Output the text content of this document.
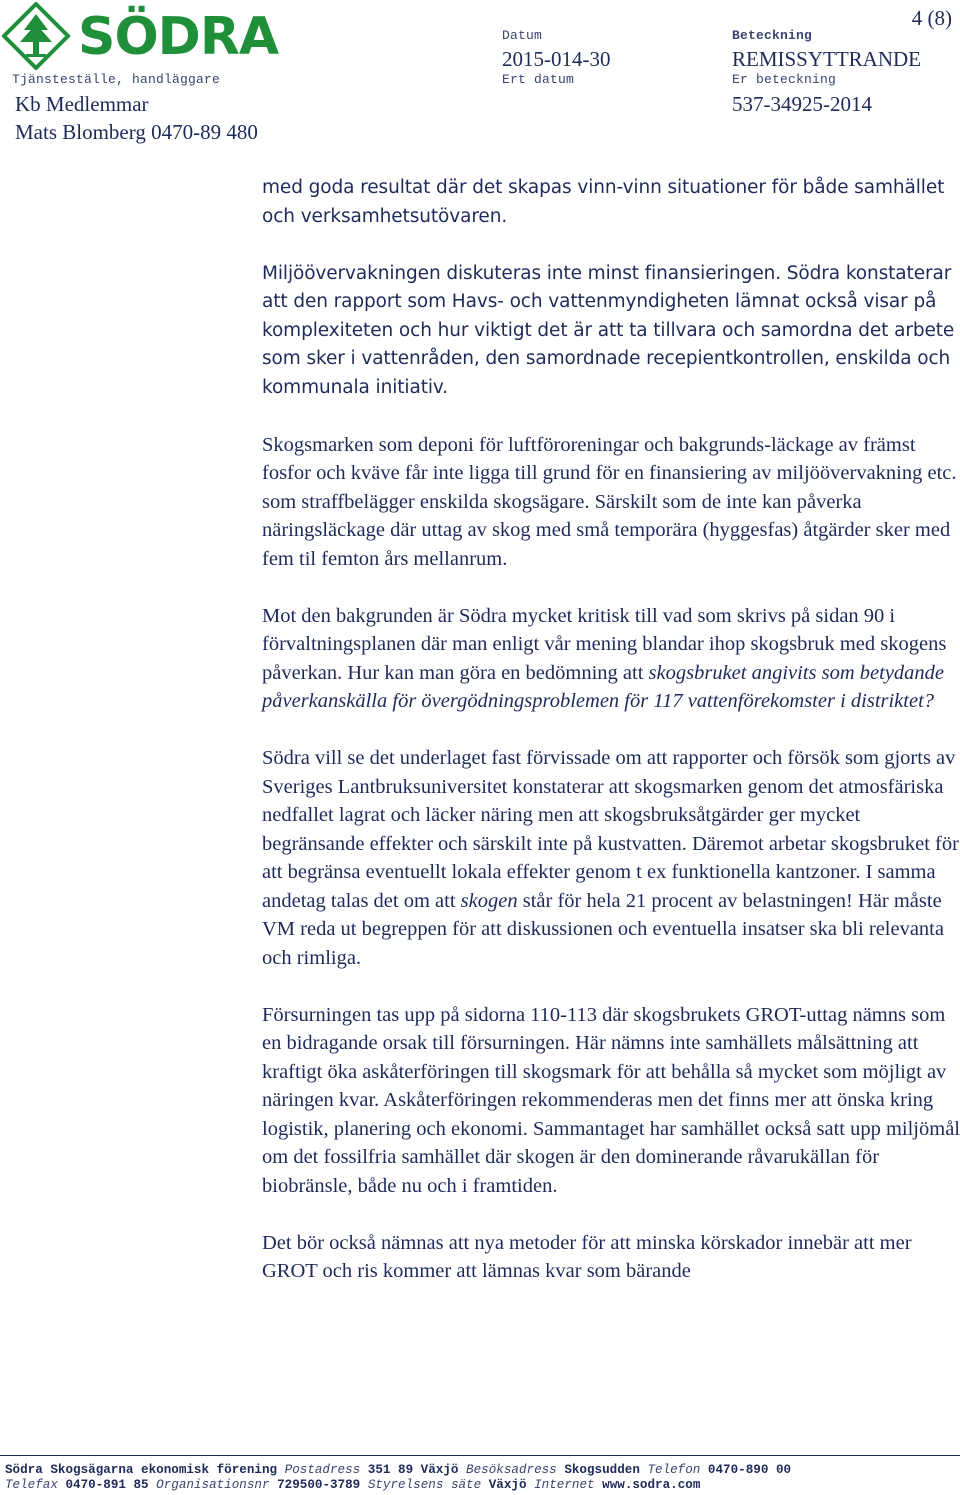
SÖDRA
Tjänsteställe, handläggare
Kb Medlemmar
Mats Blomberg 0470-89 480
Datum
2015-014-30
Ert datum
Beteckning
REMISSYTTRANDE
Er beteckning
537-34925-2014
4 (8)

med goda resultat där det skapas vinn-vinn situationer för både samhället och verksamhetsutövaren.

Miljöövervakningen diskuteras inte minst finansieringen. Södra konstaterar att den rapport som Havs- och vattenmyndigheten lämnat också visar på komplexiteten och hur viktigt det är att ta tillvara och samordna det arbete som sker i vattenråden, den samordnade recepientkontrollen, enskilda och kommunala initiativ.

Skogsmarken som deponi för luftföroreningar och bakgrunds-läckage av främst fosfor och kväve får inte ligga till grund för en finansiering av miljöövervakning etc. som straffbelägger enskilda skogsägare. Särskilt som de inte kan påverka näringsläckage där uttag av skog med små temporära (hyggesfas) åtgärder sker med fem til femton års mellanrum.

Mot den bakgrunden är Södra mycket kritisk till vad som skrivs på sidan 90 i förvaltningsplanen där man enligt vår mening blandar ihop skogsbruk med skogens påverkan. Hur kan man göra en bedömning att skogsbruket angivits som betydande påverkanskälla för övergödningsproblemen för 117 vattenförekomster i distriktet?

Södra vill se det underlaget fast förvissade om att rapporter och försök som gjorts av Sveriges Lantbruksuniversitet konstaterar att skogsmarken genom det atmosfäriska nedfallet lagrat och läcker näring men att skogsbruksåtgärder ger mycket begränsande effekter och särskilt inte på kustvatten. Däremot arbetar skogsbruket för att begränsa eventuellt lokala effekter genom t ex funktionella kantzoner. I samma andetag talas det om att skogen står för hela 21 procent av belastningen! Här måste VM reda ut begreppen för att diskussionen och eventuella insatser ska bli relevanta och rimliga.

Försurningen tas upp på sidorna 110-113 där skogsbrukets GROT-uttag nämns som en bidragande orsak till försurningen. Här nämns inte samhällets målsättning att kraftigt öka askåterföringen till skogsmark för att behålla så mycket som möjligt av näringen kvar. Askåterföringen rekommenderas men det finns mer att önska kring logistik, planering och ekonomi. Sammantaget har samhället också satt upp miljömål om det fossilfria samhället där skogen är den dominerande råvarukällan för biobränsle, både nu och i framtiden.

Det bör också nämnas att nya metoder för att minska körskador innebär att mer GROT och ris kommer att lämnas kvar som bärande

Södra Skogsägarna ekonomisk förening Postadress 351 89 Växjö Besöksadress Skogsudden Telefon 0470-890 00
Telefax 0470-891 85 Organisationsnr 729500-3789 Styrelsens säte Växjö Internet www.sodra.com
